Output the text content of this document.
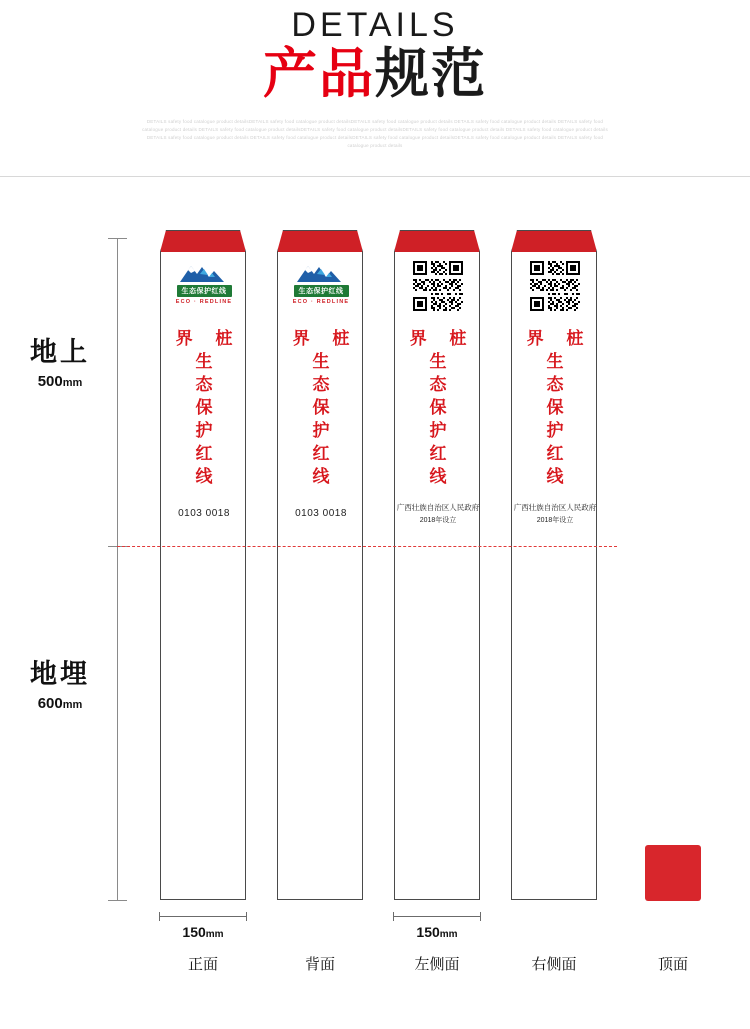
DETAILS
产品规范
DETAILS safety food catalogue product detailsDETAILS safety food catalogue product detailsDETAILS safety food catalogue product details DETAILS safety food catalogue product details DETAILS safety food catalogue product details DETAILS safety food catalogue product detailsDETAILS safety food catalogue product detailsDETAILS safety food catalogue product details DETAILS safety food catalogue product details DETAILS safety food catalogue product details DETAILS safety food catalogue product detailsDETAILS safety food catalogue product detailsDETAILS safety food catalogue product details DETAILS safety food catalogue product details
地上
500mm
地埋
600mm
生态保护红线
ECO · REDLINE
界 桩
生
态
保
护
红
线
0103 0018
生态保护红线
ECO · REDLINE
界 桩
生
态
保
护
红
线
0103 0018
界 桩
生
态
保
护
红
线
广西壮族自治区人民政府
2018年设立
界 桩
生
态
保
护
红
线
广西壮族自治区人民政府
2018年设立
150mm	150mm
正面	背面	左侧面	右侧面	顶面
